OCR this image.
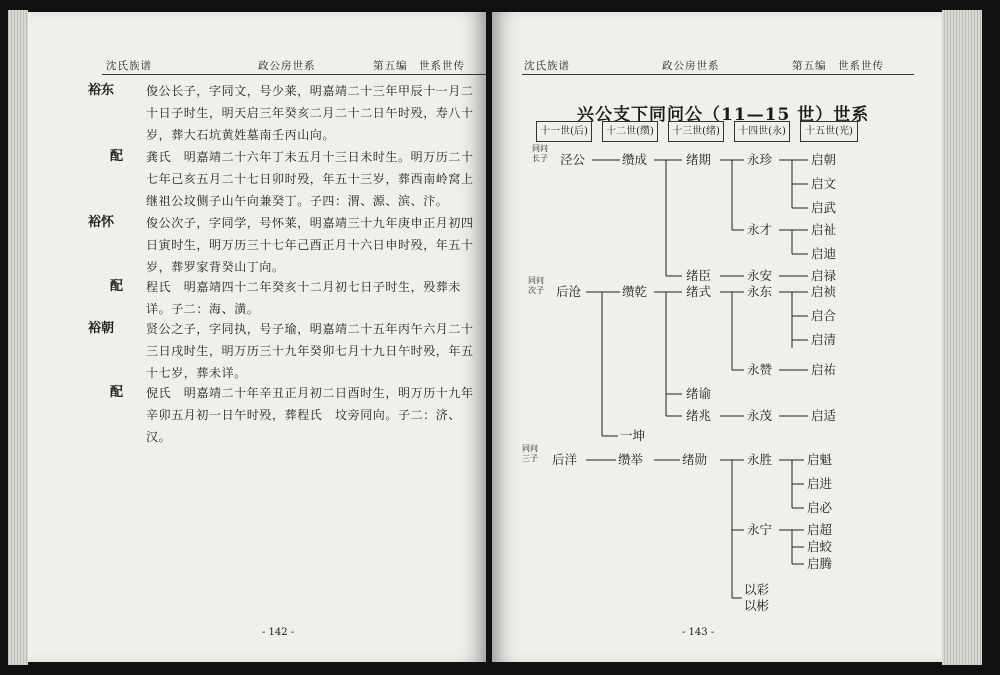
沈氏族谱	政公房世系	第五编　世系世传
裕东	俊公长子，字同文，号少莱，明嘉靖二十三年甲辰十一月二
十日子时生，明天启三年癸亥二月二十二日午时殁，寿八十
岁，葬大石坑黄姓墓南壬丙山向。
配 龚氏　明嘉靖二十六年丁未五月十三日未时生。明万历二十
七年己亥五月二十七日卯时殁，年五十三岁，葬西南岭窝上
继祖公坟侧子山午向兼癸丁。子四：渭、源、滨、汴。
裕怀	俊公次子，字同学，号怀莱，明嘉靖三十九年庚申正月初四
日寅时生，明万历三十七年己酉正月十六日申时殁，年五十
岁，葬罗家背癸山丁向。
配 程氏　明嘉靖四十二年癸亥十二月初七日子时生，殁葬未
详。子二：海、潢。
裕朝	贤公之子，字同执，号子瑜，明嘉靖二十五年丙午六月二十
三日戌时生，明万历三十九年癸卯七月十九日午时殁，年五
十七岁，葬未详。
配 倪氏　明嘉靖二十年辛丑正月初二日酉时生，明万历十九年
辛卯五月初一日午时殁，葬程氏　坟旁同向。子二：济、汉。
- 142 -
沈氏族谱	政公房世系	第五编　世系世传
兴公支下同问公（11—15 世）世系
十一世(后)	十二世(缵)	十三世(绪)	十四世(永)	十五世(光)
同问长子
同问次子
同问三子
泾公
后沧
后洋
缵成
缵乾
缵举
一坤
绪期
绪臣
绪式
绪谕
绪兆
绪勋
永珍
永才
永安
永东
永赞
永茂
永胜
永宁
以彩
以彬
启朝
启文
启武
启祉
启迪
启禄
启祯
启合
启清
启祐
启适
启魁
启进
启必
启超
启蛟
启腾
- 143 -
